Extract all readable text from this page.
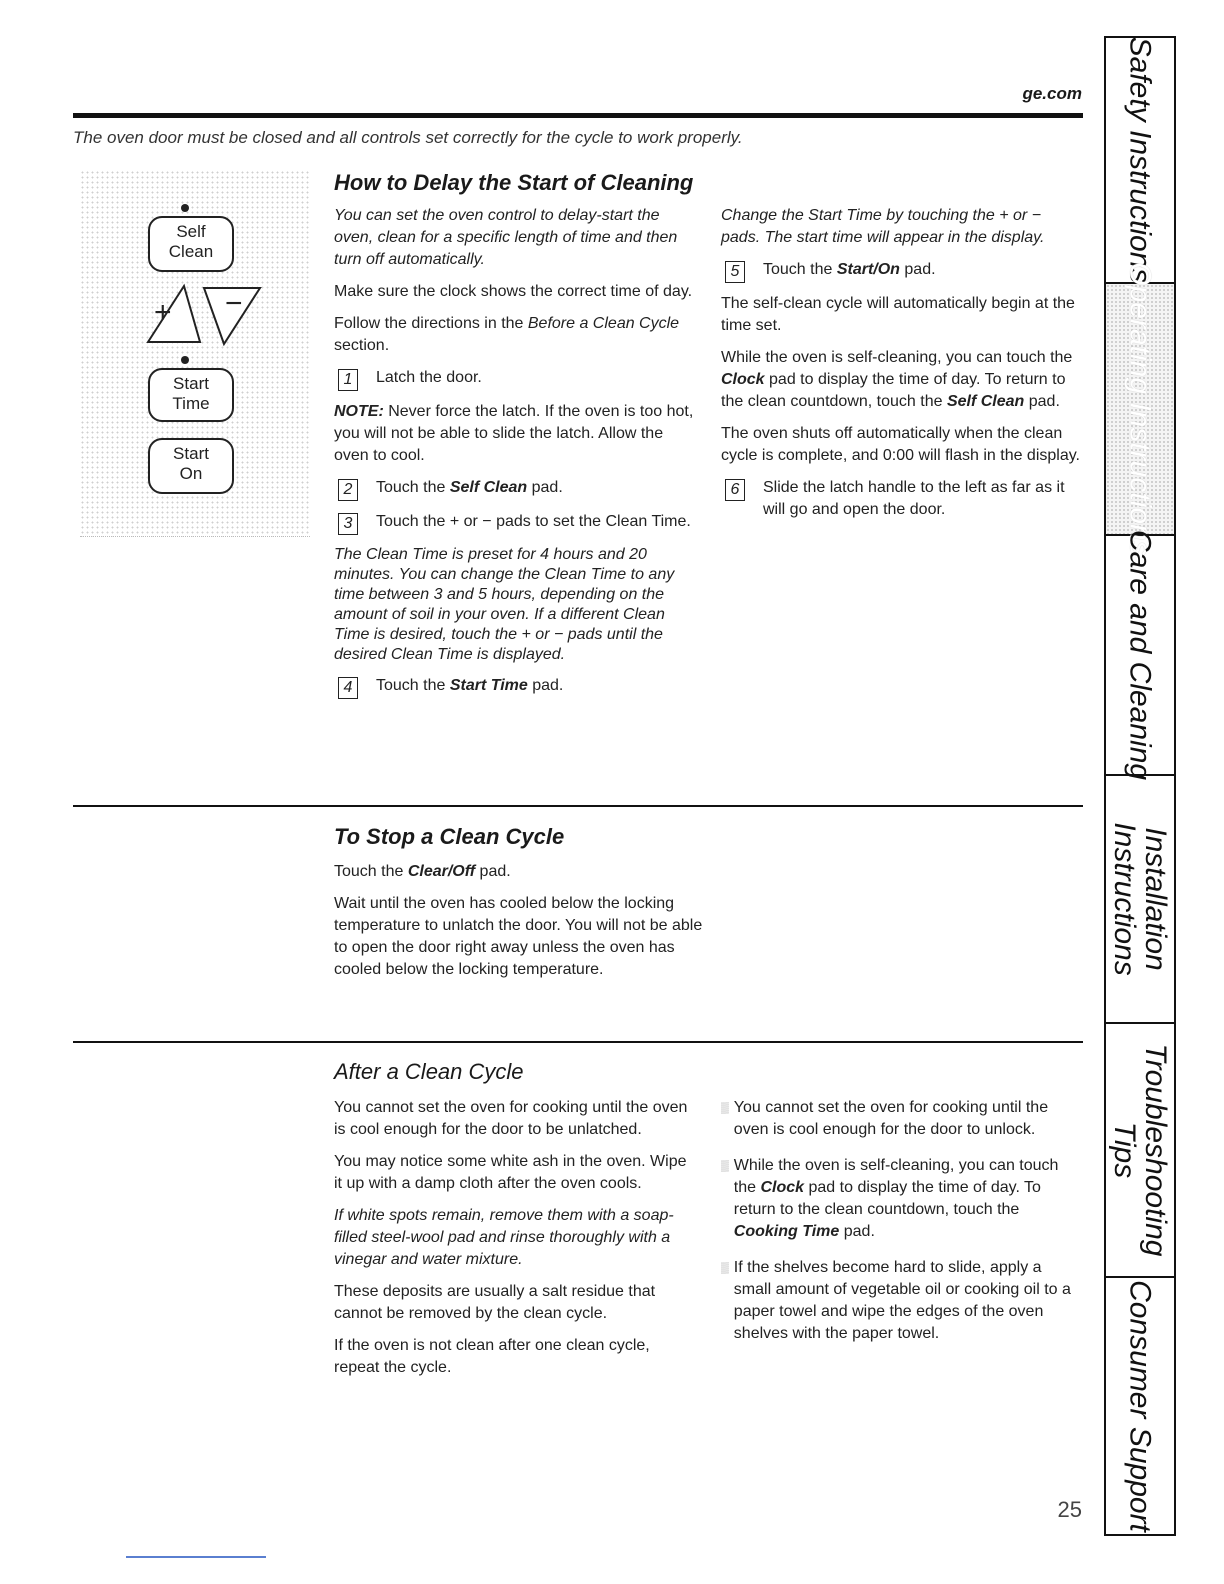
ge.com
The oven door must be closed and all controls set correctly for the cycle to work properly.
Self
Clean
+ −
Start
Time
Start
On
How to Delay the Start of Cleaning

You can set the oven control to delay-start the oven, clean for a specific length of time and then turn off automatically.

Make sure the clock shows the correct time of day.

Follow the directions in the Before a Clean Cycle section.

1	Latch the door.

NOTE: Never force the latch. If the oven is too hot, you will not be able to slide the latch. Allow the oven to cool.

2	Touch the Self Clean pad.
3	Touch the + or − pads to set the Clean Time.

The Clean Time is preset for 4 hours and 20 minutes. You can change the Clean Time to any time between 3 and 5 hours, depending on the amount of soil in your oven. If a different Clean Time is desired, touch the + or − pads until the desired Clean Time is displayed.

4	Touch the Start Time pad.

Change the Start Time by touching the + or − pads. The start time will appear in the display.

5	Touch the Start/On pad.

The self-clean cycle will automatically begin at the time set.

While the oven is self-cleaning, you can touch the Clock pad to display the time of day. To return to the clean countdown, touch the Self Clean pad.

The oven shuts off automatically when the clean cycle is complete, and 0:00 will flash in the display.

6	Slide the latch handle to the left as far as it will go and open the door.
To Stop a Clean Cycle

Touch the Clear/Off pad.

Wait until the oven has cooled below the locking temperature to unlatch the door. You will not be able to open the door right away unless the oven has cooled below the locking temperature.

After a Clean Cycle

You cannot set the oven for cooking until the oven is cool enough for the door to be unlatched.

You may notice some white ash in the oven. Wipe it up with a damp cloth after the oven cools.

If white spots remain, remove them with a soap-filled steel-wool pad and rinse thoroughly with a vinegar and water mixture.

These deposits are usually a salt residue that cannot be removed by the clean cycle.

If the oven is not clean after one clean cycle, repeat the cycle.

▒ You cannot set the oven for cooking until the oven is cool enough for the door to unlock.
▒ While the oven is self-cleaning, you can touch the Clock pad to display the time of day. To return to the clean countdown, touch the Cooking Time pad.
▒ If the shelves become hard to slide, apply a small amount of vegetable oil or cooking oil to a paper towel and wipe the edges of the oven shelves with the paper towel.
Safety Instructions
Operating Instructions
Care and Cleaning
Installation Instructions
Troubleshooting Tips
Consumer Support
25
